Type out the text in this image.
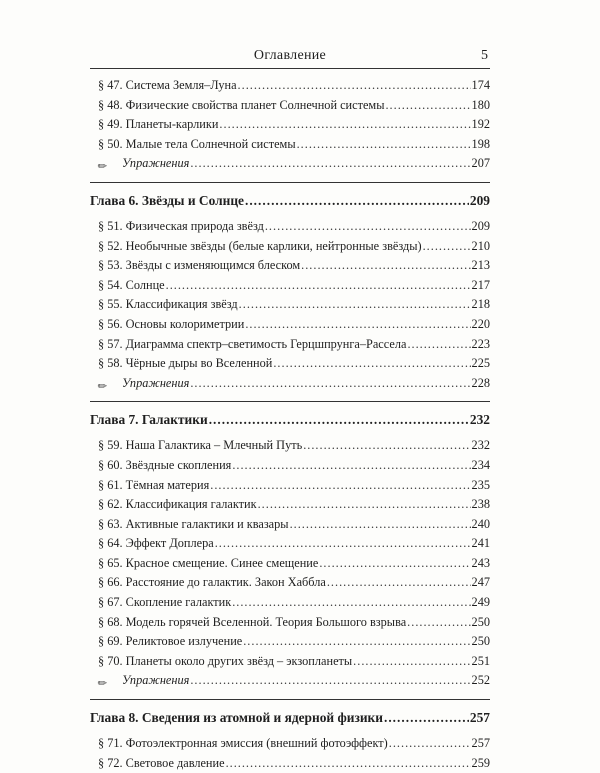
Оглавление	5
§ 47. Система Земля–Луна .....	174
§ 48. Физические свойства планет Солнечной системы .....	180
§ 49. Планеты-карлики .....	192
§ 50. Малые тела Солнечной системы .....	198
✎ Упражнения .....	207
Глава 6. Звёзды и Солнце .....	209
§ 51. Физическая природа звёзд .....	209
§ 52. Необычные звёзды (белые карлики, нейтронные звёзды) .....	210
§ 53. Звёзды с изменяющимся блеском .....	213
§ 54. Солнце .....	217
§ 55. Классификация звёзд .....	218
§ 56. Основы колориметрии .....	220
§ 57. Диаграмма спектр–светимость Герцшпрунга–Рассела .....	223
§ 58. Чёрные дыры во Вселенной .....	225
✎ Упражнения .....	228
Глава 7. Галактики .....	232
§ 59. Наша Галактика – Млечный Путь .....	232
§ 60. Звёздные скопления .....	234
§ 61. Тёмная материя .....	235
§ 62. Классификация галактик .....	238
§ 63. Активные галактики и квазары .....	240
§ 64. Эффект Доплера .....	241
§ 65. Красное смещение. Синее смещение .....	243
§ 66. Расстояние до галактик. Закон Хаббла .....	247
§ 67. Скопление галактик .....	249
§ 68. Модель горячей Вселенной. Теория Большого взрыва .....	250
§ 69. Реликтовое излучение .....	250
§ 70. Планеты около других звёзд – экзопланеты .....	251
✎ Упражнения .....	252
Глава 8. Сведения из атомной и ядерной физики .....	257
§ 71. Фотоэлектронная эмиссия (внешний фотоэффект) .....	257
§ 72. Световое давление .....	259
